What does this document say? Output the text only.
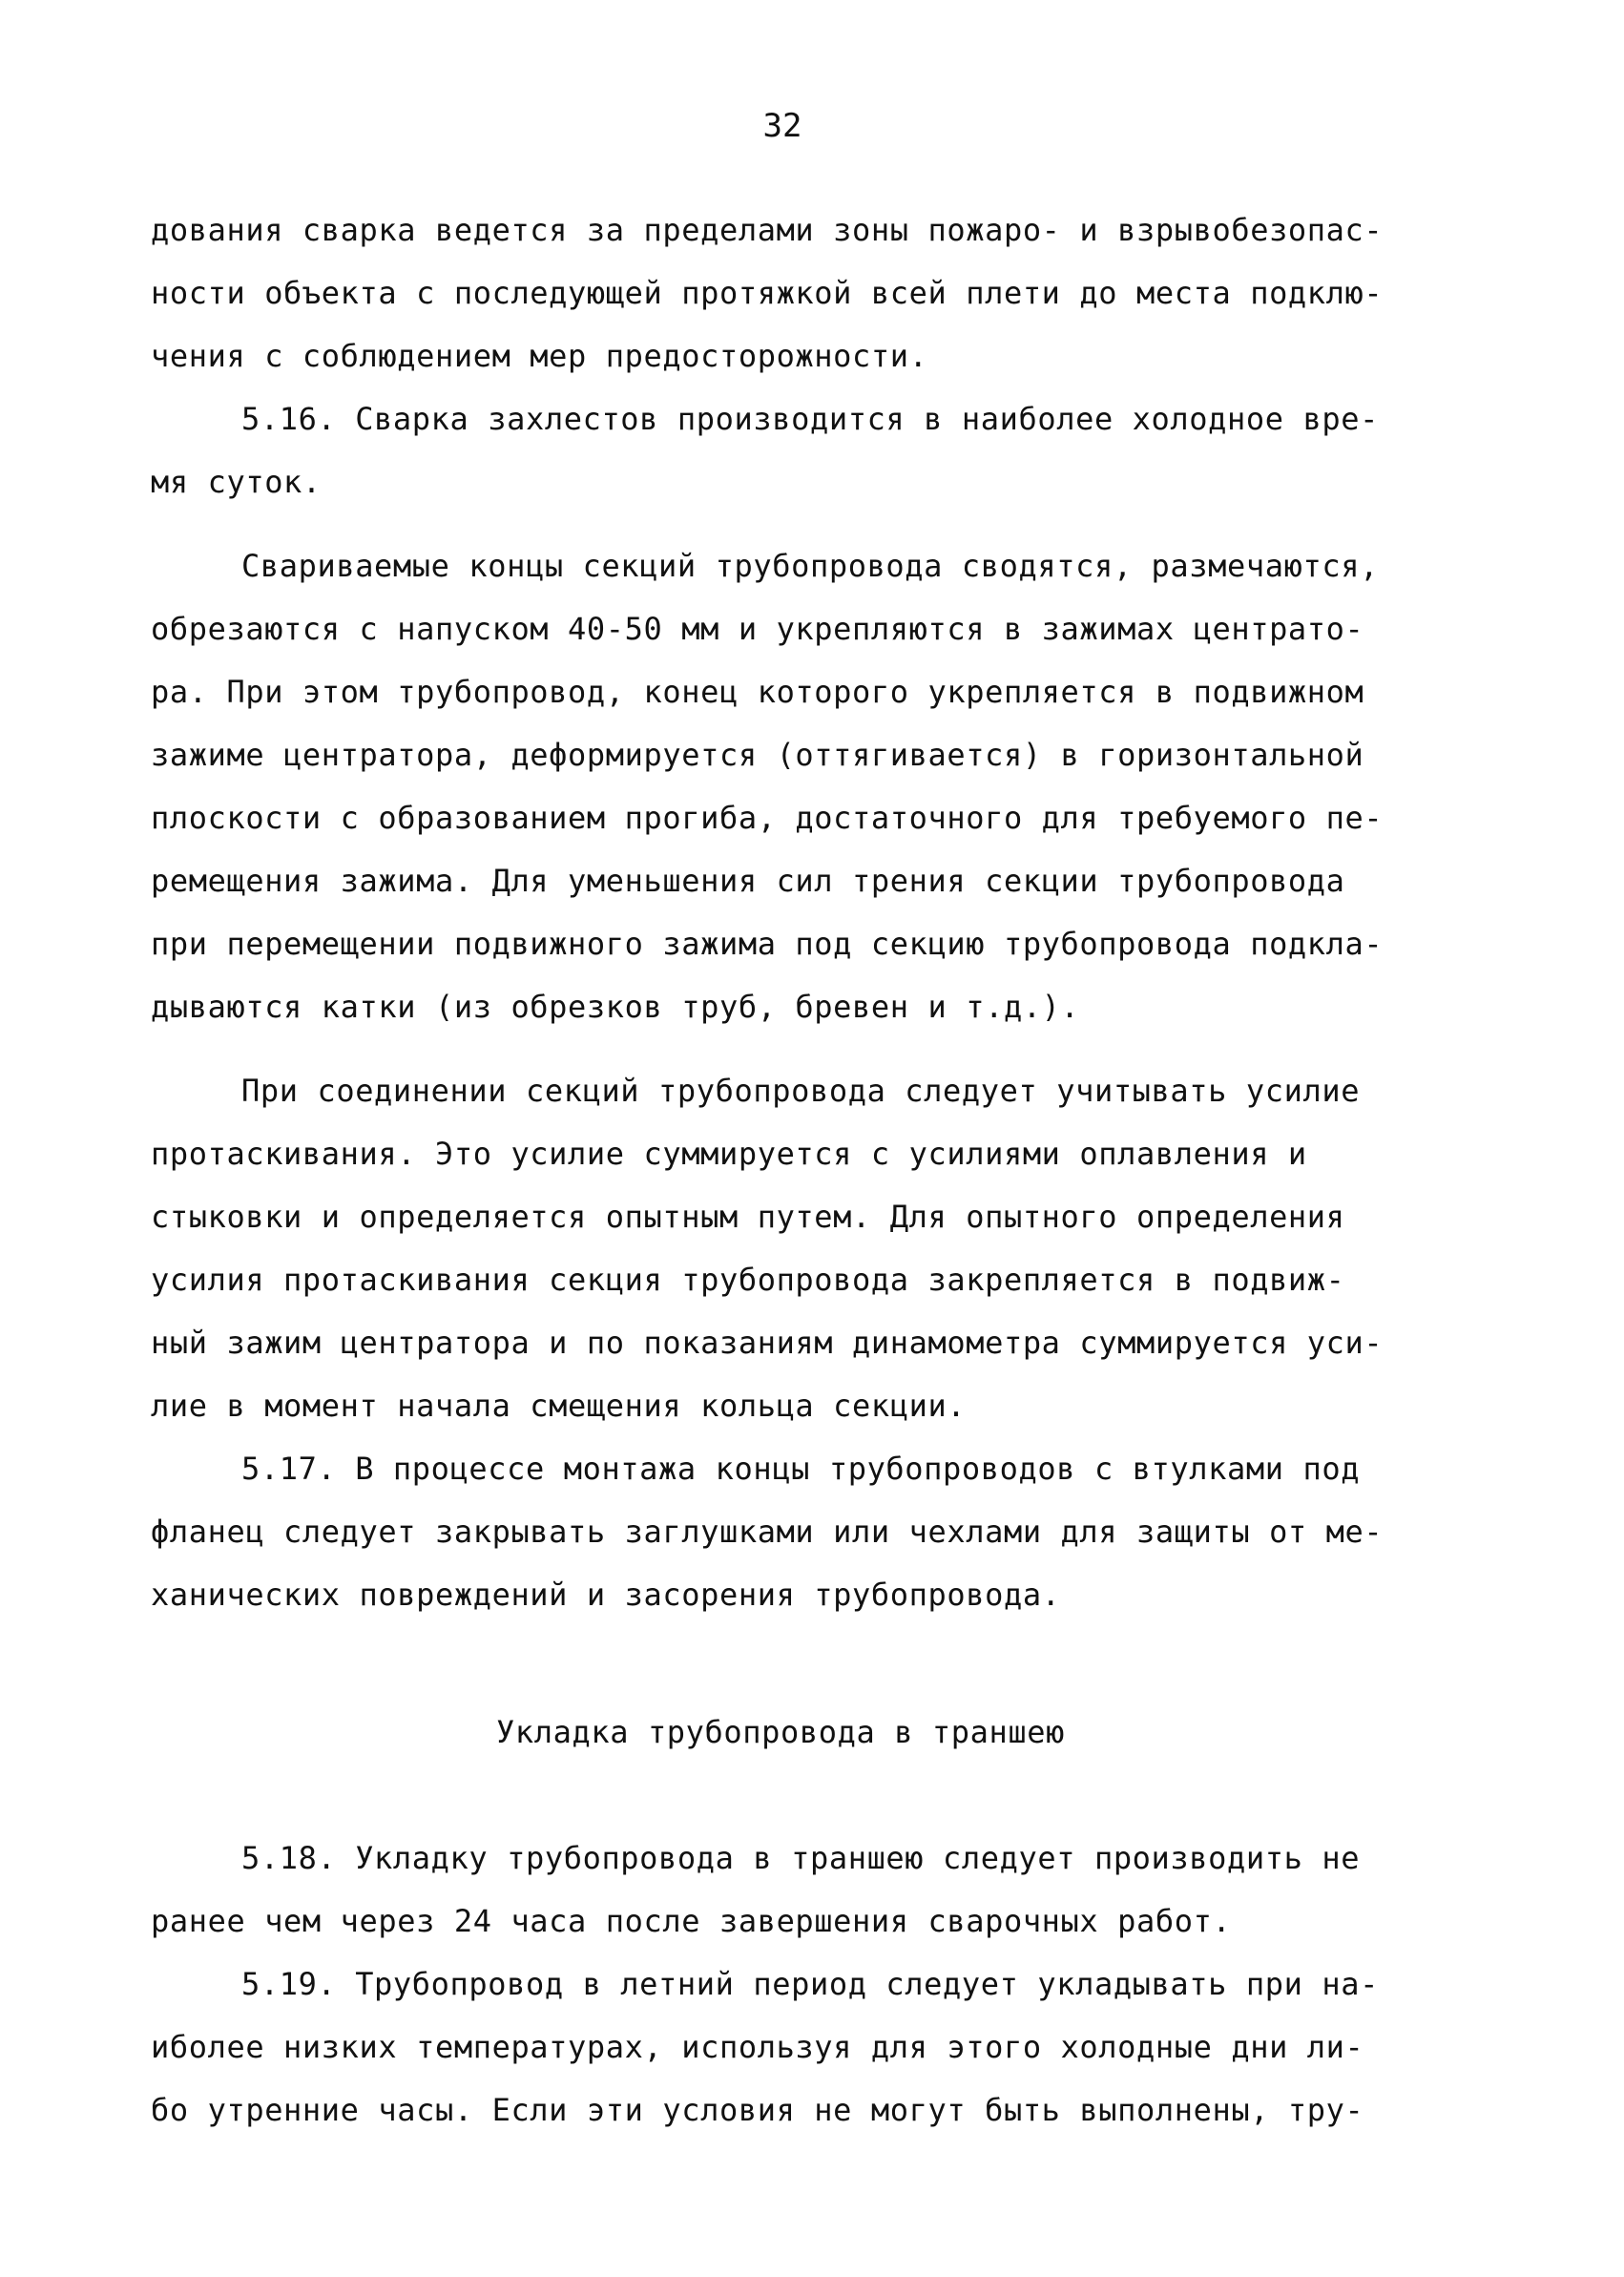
32
дования сварка ведется за пределами зоны пожаро- и взрывобезопас-
ности объекта с последующей протяжкой всей плети до места подклю-
чения с соблюдением мер предосторожности.
5.16. Сварка захлестов производится в наиболее холодное вре-
мя суток.
Свариваемые концы секций трубопровода сводятся, размечаются,
обрезаются с напуском 40-50 мм и укрепляются в зажимах центрато-
ра. При этом трубопровод, конец которого укрепляется в подвижном
зажиме центратора, деформируется (оттягивается) в горизонтальной
плоскости с образованием прогиба, достаточного для требуемого пе-
ремещения зажима. Для уменьшения сил трения секции трубопровода
при перемещении подвижного зажима под секцию трубопровода подкла-
дываются катки (из обрезков труб, бревен и т.д.).
При соединении секций трубопровода следует учитывать усилие
протаскивания. Это усилие суммируется с усилиями оплавления и
стыковки и определяется опытным путем. Для опытного определения
усилия протаскивания секция трубопровода закрепляется в подвиж-
ный зажим центратора и по показаниям динамометра суммируется уси-
лие в момент начала смещения кольца секции.
5.17. В процессе монтажа концы трубопроводов с втулками под
фланец следует закрывать заглушками или чехлами для защиты от ме-
ханических повреждений и засорения трубопровода.
Укладка трубопровода в траншею
5.18. Укладку трубопровода в траншею следует производить не
ранее чем через 24 часа после завершения сварочных работ.
5.19. Трубопровод в летний период следует укладывать при на-
иболее низких температурах, используя для этого холодные дни ли-
бо утренние часы. Если эти условия не могут быть выполнены, тру-
